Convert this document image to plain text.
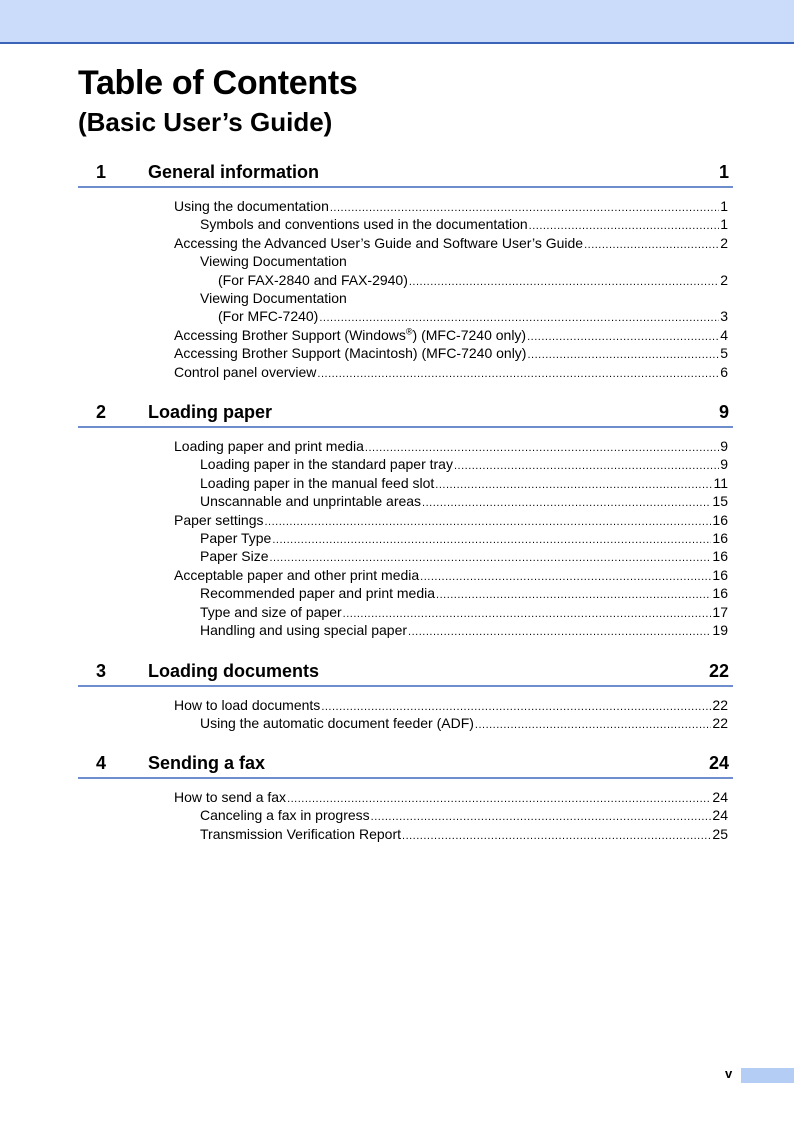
Table of Contents
(Basic User’s Guide)
1 General information	1
Using the documentation .....	1
Symbols and conventions used in the documentation .....	1
Accessing the Advanced User’s Guide and Software User’s Guide .....	2
Viewing Documentation
(For FAX-2840 and FAX-2940) .....	2
Viewing Documentation
(For MFC-7240) .....	3
Accessing Brother Support (Windows®) (MFC-7240 only) .....	4
Accessing Brother Support (Macintosh) (MFC-7240 only) .....	5
Control panel overview .....	6
2 Loading paper	9
Loading paper and print media .....	9
Loading paper in the standard paper tray .....	9
Loading paper in the manual feed slot .....	11
Unscannable and unprintable areas .....	15
Paper settings .....	16
Paper Type .....	16
Paper Size .....	16
Acceptable paper and other print media .....	16
Recommended paper and print media .....	16
Type and size of paper .....	17
Handling and using special paper .....	19
3 Loading documents	22
How to load documents .....	22
Using the automatic document feeder (ADF) .....	22
4 Sending a fax	24
How to send a fax .....	24
Canceling a fax in progress .....	24
Transmission Verification Report .....	25
v
